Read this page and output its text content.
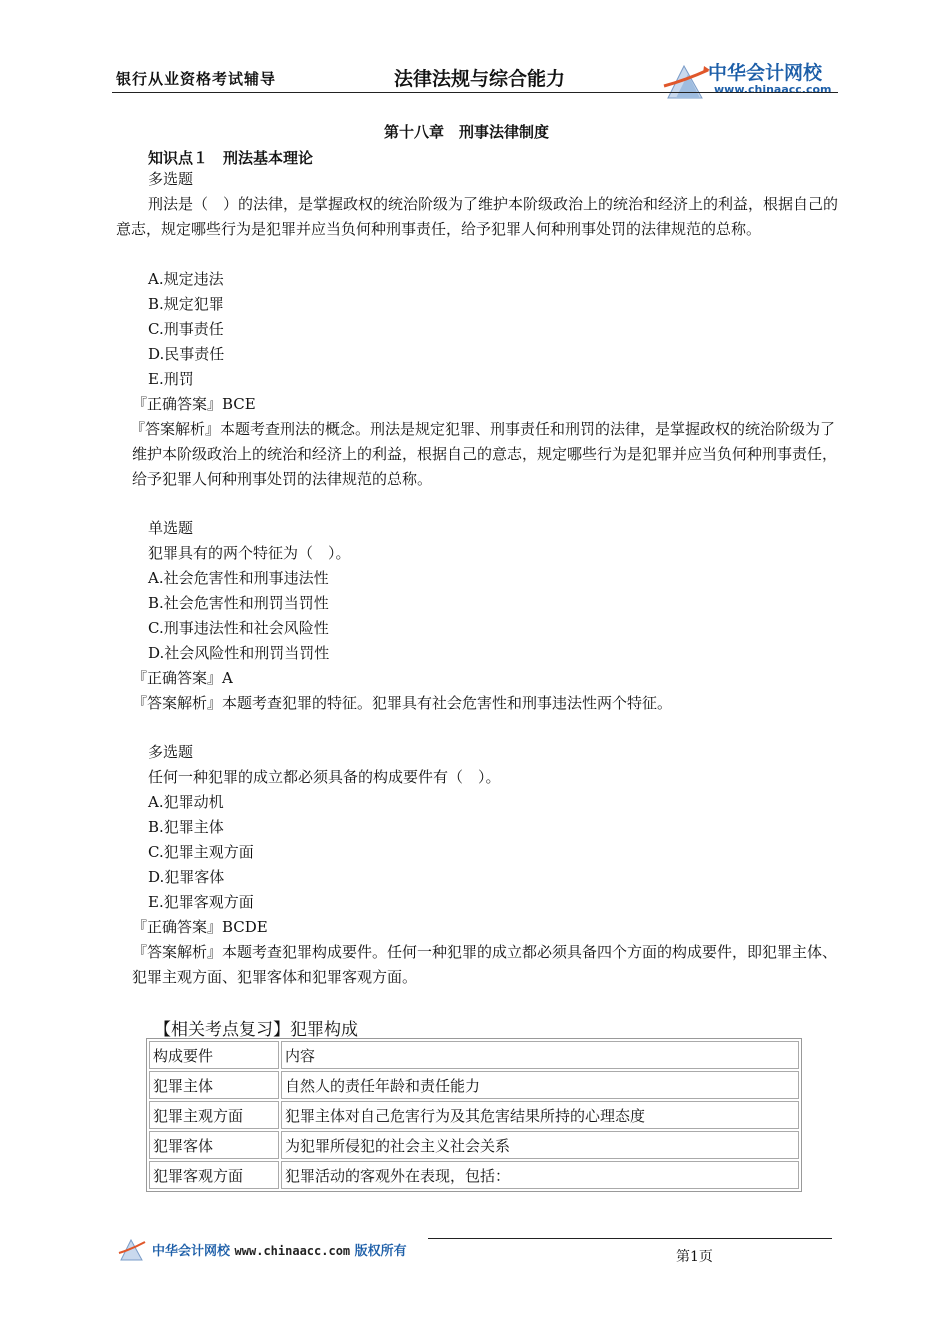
银行从业资格考试辅导	法律法规与综合能力	中华会计网校
www.chinaacc.com
第十八章　刑事法律制度
知识点１　刑法基本理论
多选题
刑法是（　）的法律，是掌握政权的统治阶级为了维护本阶级政治上的统治和经济上的利益，根据自己的意志，规定哪些行为是犯罪并应当负何种刑事责任，给予犯罪人何种刑事处罚的法律规范的总称。
A.规定违法
B.规定犯罪
C.刑事责任
D.民事责任
E.刑罚
『正确答案』BCE
『答案解析』本题考查刑法的概念。刑法是规定犯罪、刑事责任和刑罚的法律，是掌握政权的统治阶级为了维护本阶级政治上的统治和经济上的利益，根据自己的意志，规定哪些行为是犯罪并应当负何种刑事责任，给予犯罪人何种刑事处罚的法律规范的总称。
单选题
犯罪具有的两个特征为（　）。
A.社会危害性和刑事违法性
B.社会危害性和刑罚当罚性
C.刑事违法性和社会风险性
D.社会风险性和刑罚当罚性
『正确答案』A
『答案解析』本题考查犯罪的特征。犯罪具有社会危害性和刑事违法性两个特征。
多选题
任何一种犯罪的成立都必须具备的构成要件有（　）。
A.犯罪动机
B.犯罪主体
C.犯罪主观方面
D.犯罪客体
E.犯罪客观方面
『正确答案』BCDE
『答案解析』本题考查犯罪构成要件。任何一种犯罪的成立都必须具备四个方面的构成要件，即犯罪主体、犯罪主观方面、犯罪客体和犯罪客观方面。
【相关考点复习】犯罪构成
构成要件	内容
犯罪主体	自然人的责任年龄和责任能力
犯罪主观方面	犯罪主体对自己危害行为及其危害结果所持的心理态度
犯罪客体	为犯罪所侵犯的社会主义社会关系
犯罪客观方面	犯罪活动的客观外在表现，包括：
中华会计网校 www.chinaacc.com 版权所有	第1页
